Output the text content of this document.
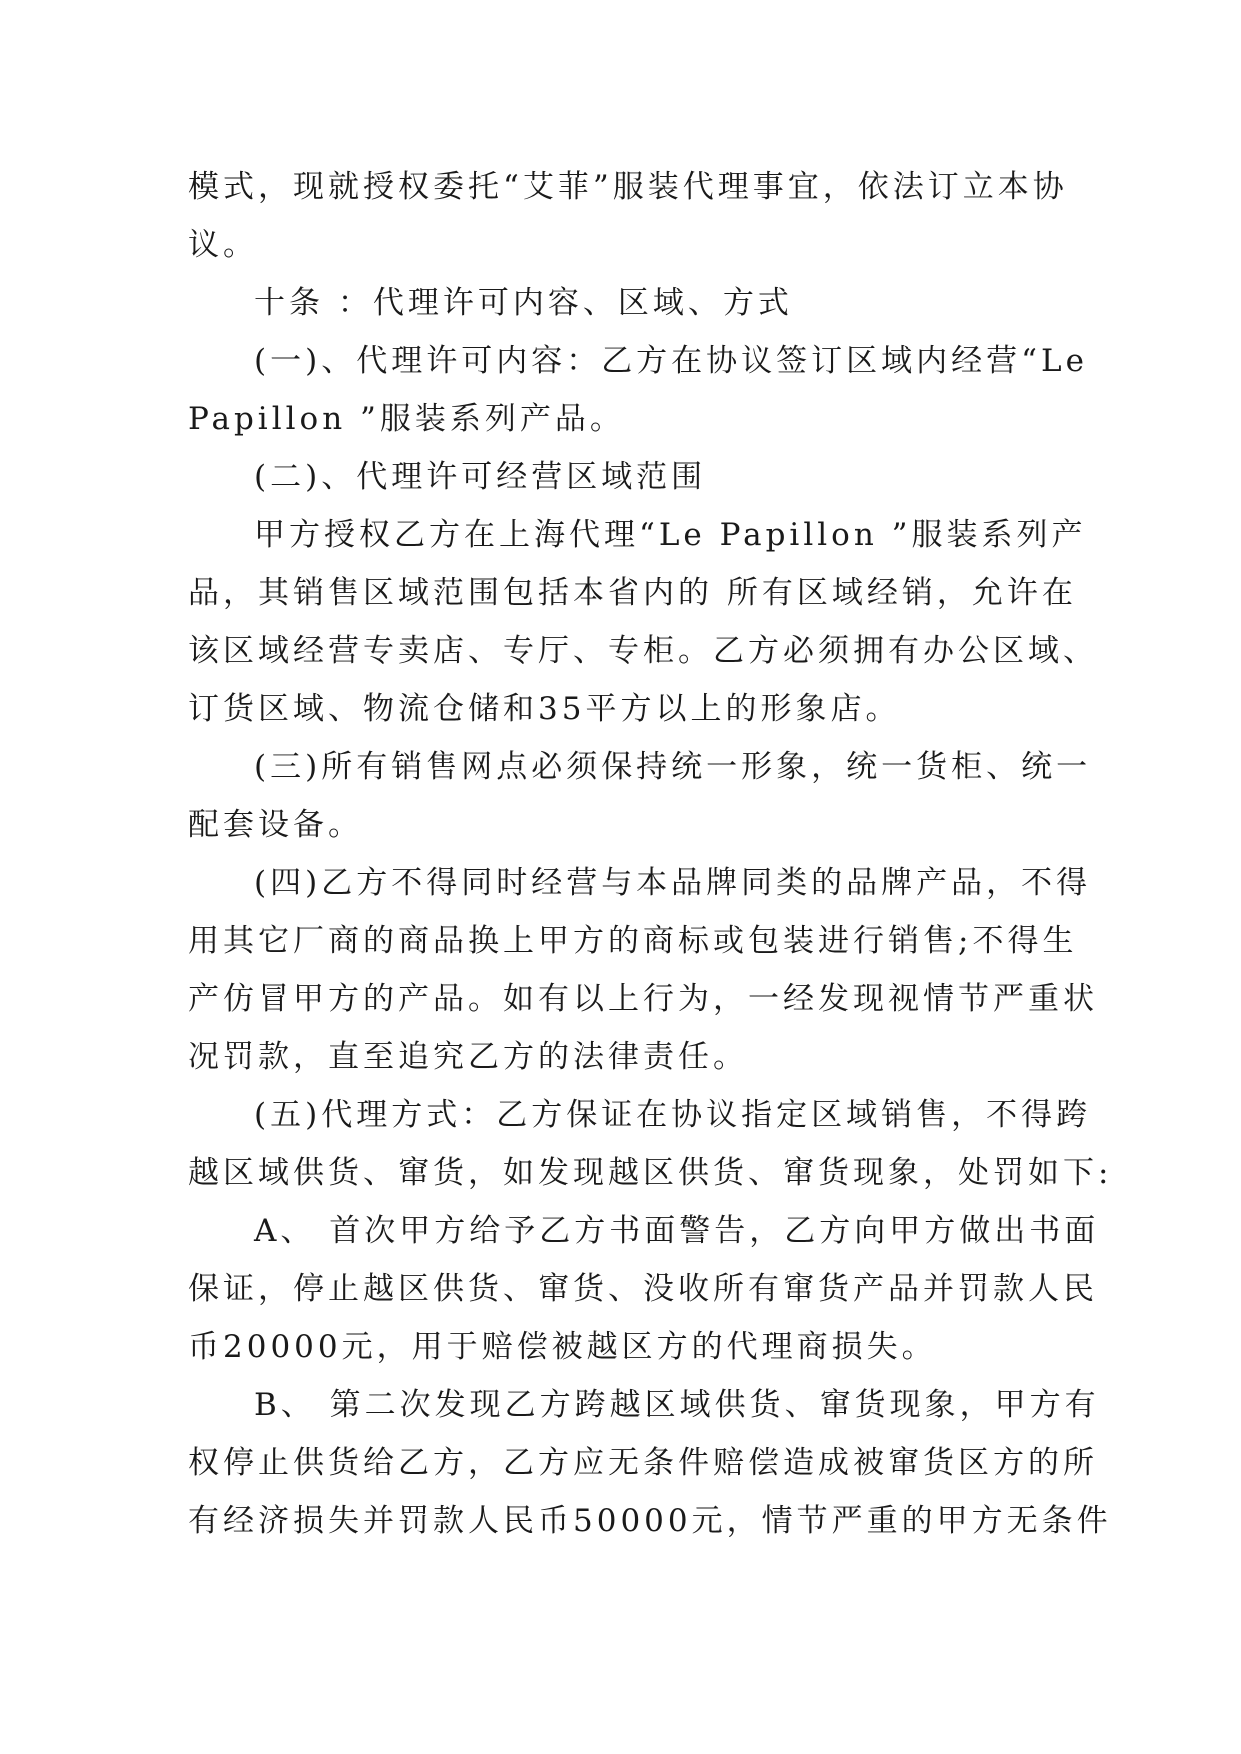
模式，现就授权委托“艾菲”服装代理事宜，依法订立本协
议。
十条 ：代理许可内容、区域、方式
(一)、代理许可内容：乙方在协议签订区域内经营“Le
Papillon ”服装系列产品。
(二)、代理许可经营区域范围
甲方授权乙方在上海代理“Le Papillon ”服装系列产
品，其销售区域范围包括本省内的 所有区域经销，允许在
该区域经营专卖店、专厅、专柜。乙方必须拥有办公区域、
订货区域、物流仓储和35平方以上的形象店。
(三)所有销售网点必须保持统一形象，统一货柜、统一
配套设备。
(四)乙方不得同时经营与本品牌同类的品牌产品，不得
用其它厂商的商品换上甲方的商标或包装进行销售;不得生
产仿冒甲方的产品。如有以上行为，一经发现视情节严重状
况罚款，直至追究乙方的法律责任。
(五)代理方式：乙方保证在协议指定区域销售，不得跨
越区域供货、窜货，如发现越区供货、窜货现象，处罚如下:
A、 首次甲方给予乙方书面警告，乙方向甲方做出书面
保证，停止越区供货、窜货、没收所有窜货产品并罚款人民
币20000元，用于赔偿被越区方的代理商损失。
B、 第二次发现乙方跨越区域供货、窜货现象，甲方有
权停止供货给乙方，乙方应无条件赔偿造成被窜货区方的所
有经济损失并罚款人民币50000元，情节严重的甲方无条件
